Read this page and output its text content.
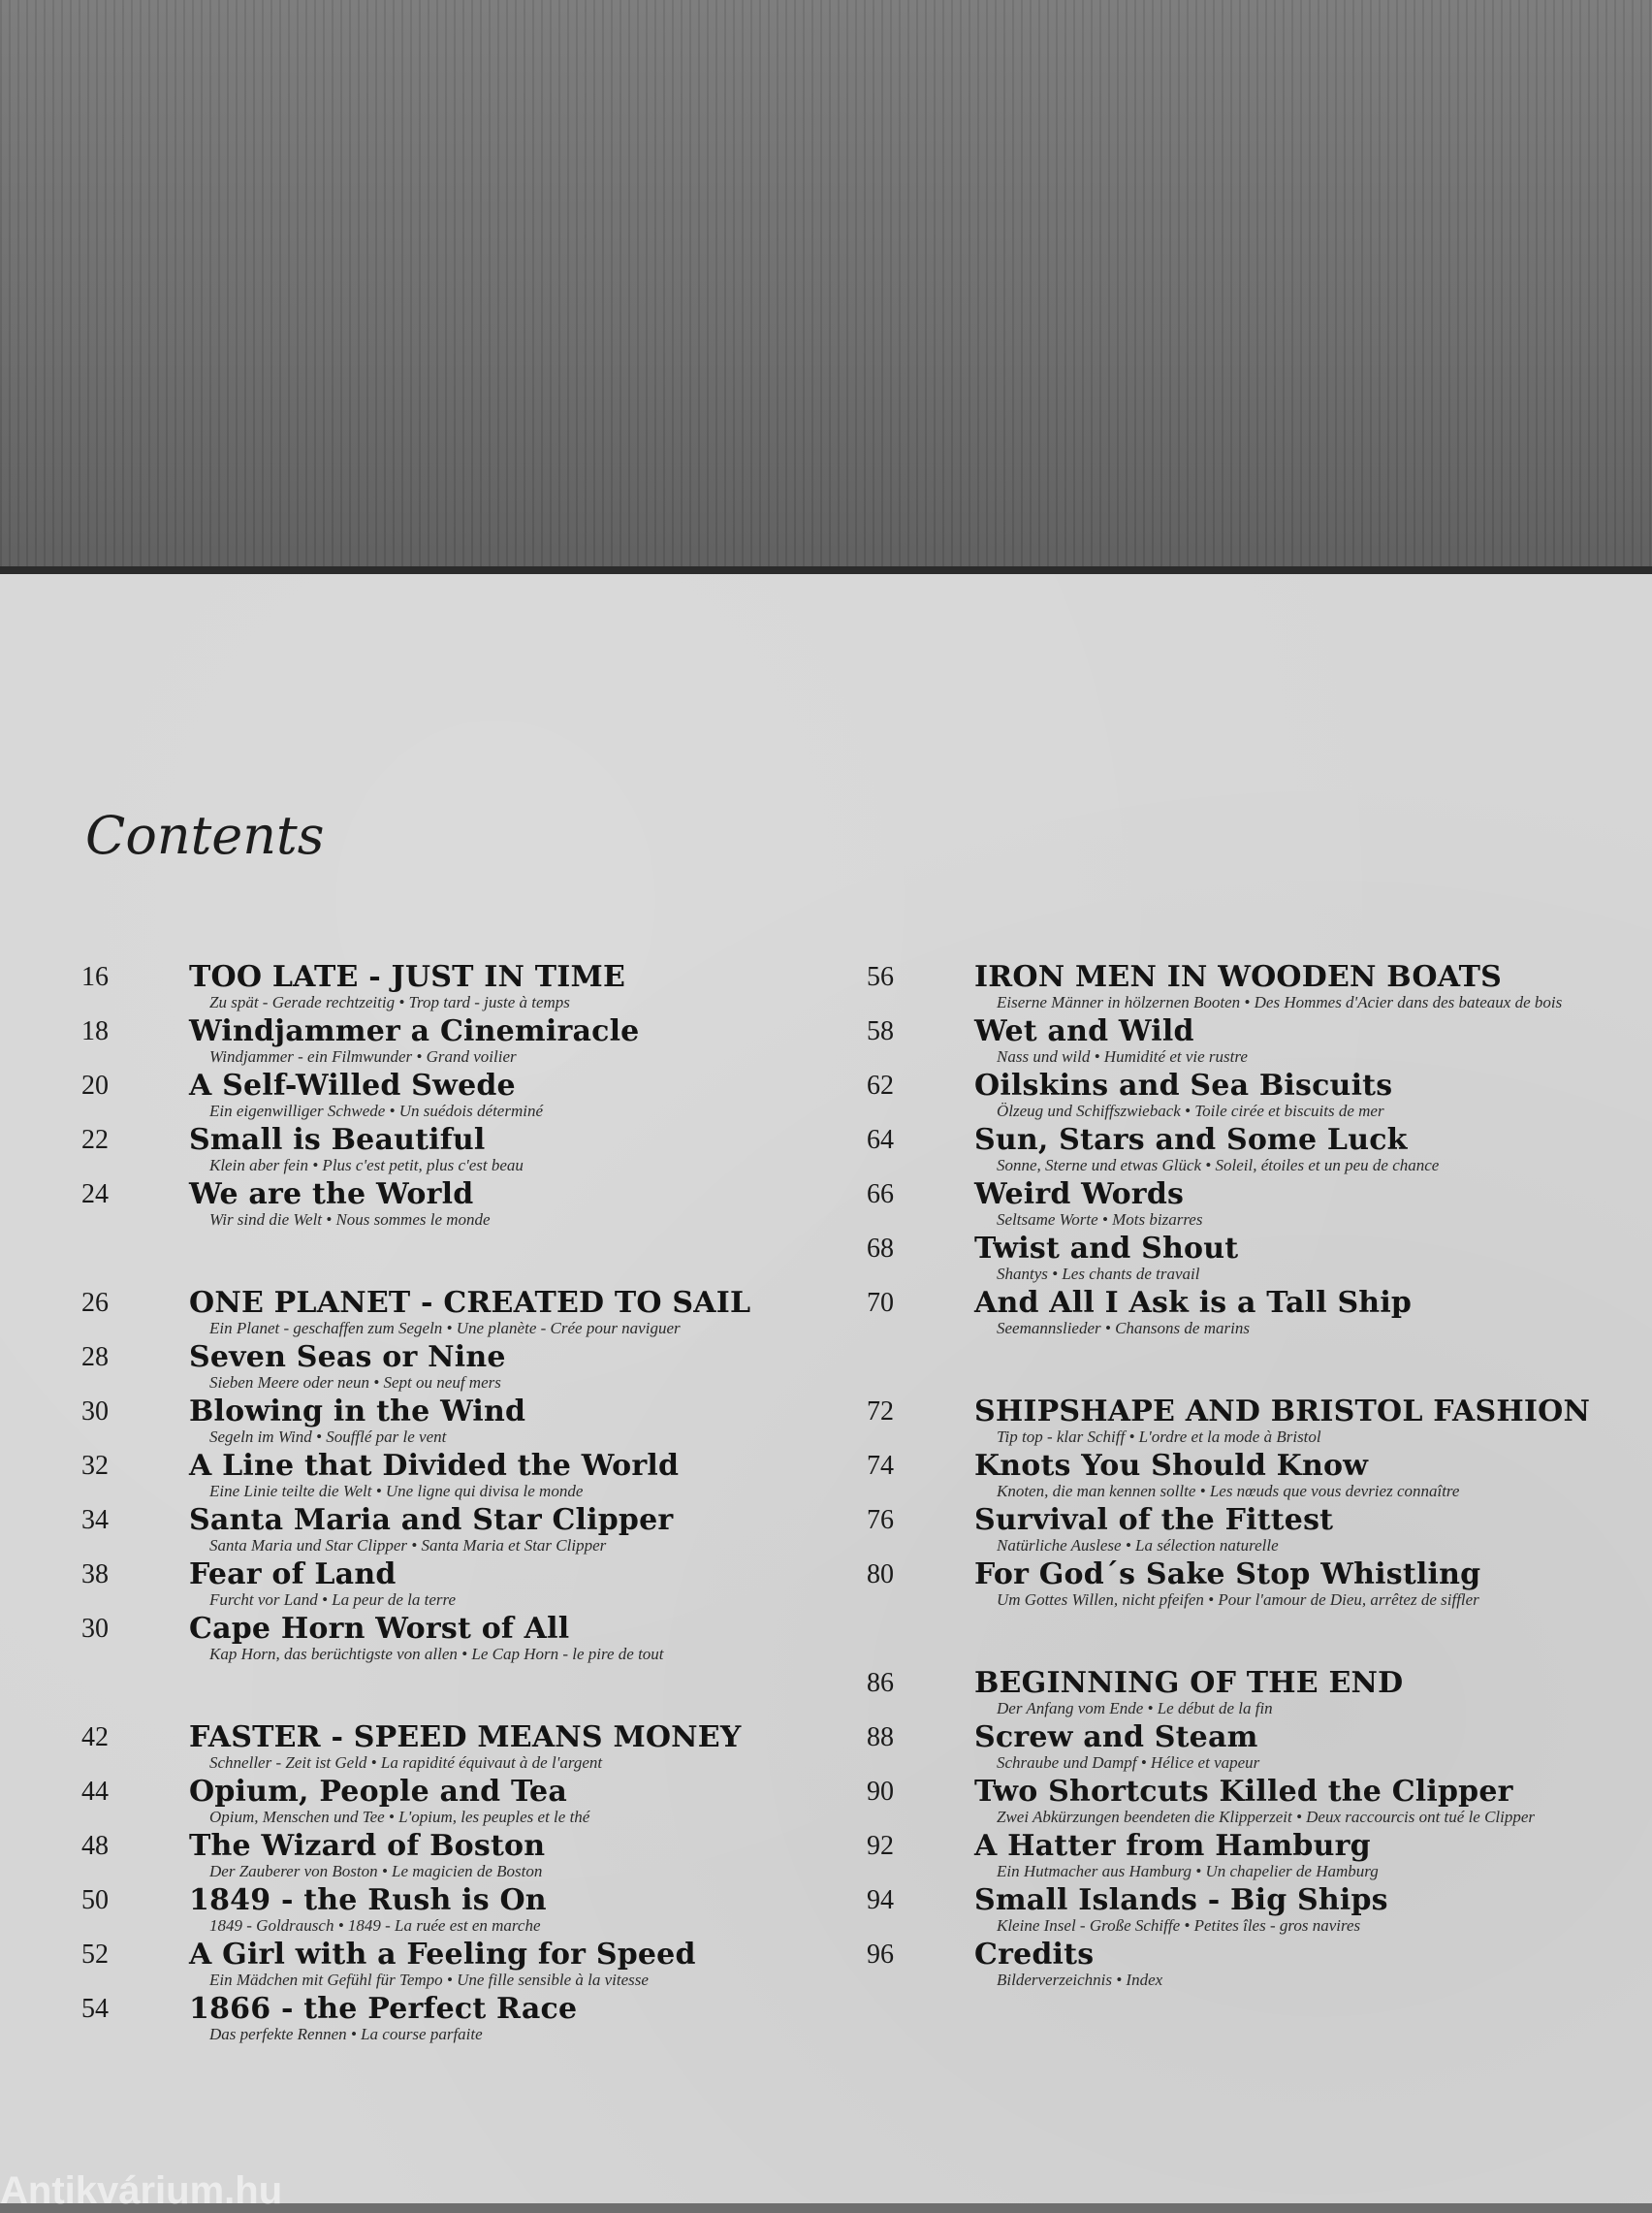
Contents
16	TOO LATE - JUST IN TIME
Zu spät - Gerade rechtzeitig • Trop tard - juste à temps
18	Windjammer a Cinemiracle
Windjammer - ein Filmwunder • Grand voilier
20	A Self-Willed Swede
Ein eigenwilliger Schwede • Un suédois déterminé
22	Small is Beautiful
Klein aber fein • Plus c'est petit, plus c'est beau
24	We are the World
Wir sind die Welt • Nous sommes le monde
26	ONE PLANET - CREATED TO SAIL
Ein Planet - geschaffen zum Segeln • Une planète - Crée pour naviguer
28	Seven Seas or Nine
Sieben Meere oder neun • Sept ou neuf mers
30	Blowing in the Wind
Segeln im Wind • Soufflé par le vent
32	A Line that Divided the World
Eine Linie teilte die Welt • Une ligne qui divisa le monde
34	Santa Maria and Star Clipper
Santa Maria und Star Clipper • Santa Maria et Star Clipper
38	Fear of Land
Furcht vor Land • La peur de la terre
30	Cape Horn Worst of All
Kap Horn, das berüchtigste von allen • Le Cap Horn - le pire de tout
42	FASTER - SPEED MEANS MONEY
Schneller - Zeit ist Geld • La rapidité équivaut à de l'argent
44	Opium, People and Tea
Opium, Menschen und Tee • L'opium, les peuples et le thé
48	The Wizard of Boston
Der Zauberer von Boston • Le magicien de Boston
50	1849 - the Rush is On
1849 - Goldrausch • 1849 - La ruée est en marche
52	A Girl with a Feeling for Speed
Ein Mädchen mit Gefühl für Tempo • Une fille sensible à la vitesse
54	1866 - the Perfect Race
Das perfekte Rennen • La course parfaite
56	IRON MEN IN WOODEN BOATS
Eiserne Männer in hölzernen Booten • Des Hommes d'Acier dans des bateaux de bois
58	Wet and Wild
Nass und wild • Humidité et vie rustre
62	Oilskins and Sea Biscuits
Ölzeug und Schiffszwieback • Toile cirée et biscuits de mer
64	Sun, Stars and Some Luck
Sonne, Sterne und etwas Glück • Soleil, étoiles et un peu de chance
66	Weird Words
Seltsame Worte • Mots bizarres
68	Twist and Shout
Shantys • Les chants de travail
70	And All I Ask is a Tall Ship
Seemannslieder • Chansons de marins
72	SHIPSHAPE AND BRISTOL FASHION
Tip top - klar Schiff • L'ordre et la mode à Bristol
74	Knots You Should Know
Knoten, die man kennen sollte • Les nœuds que vous devriez connaître
76	Survival of the Fittest
Natürliche Auslese • La sélection naturelle
80	For God´s Sake Stop Whistling
Um Gottes Willen, nicht pfeifen • Pour l'amour de Dieu, arrêtez de siffler
86	BEGINNING OF THE END
Der Anfang vom Ende • Le début de la fin
88	Screw and Steam
Schraube und Dampf • Hélice et vapeur
90	Two Shortcuts Killed the Clipper
Zwei Abkürzungen beendeten die Klipperzeit • Deux raccourcis ont tué le Clipper
92	A Hatter from Hamburg
Ein Hutmacher aus Hamburg • Un chapelier de Hamburg
94	Small Islands - Big Ships
Kleine Insel - Große Schiffe • Petites îles - gros navires
96	Credits
Bilderverzeichnis • Index
Antikvárium.hu
